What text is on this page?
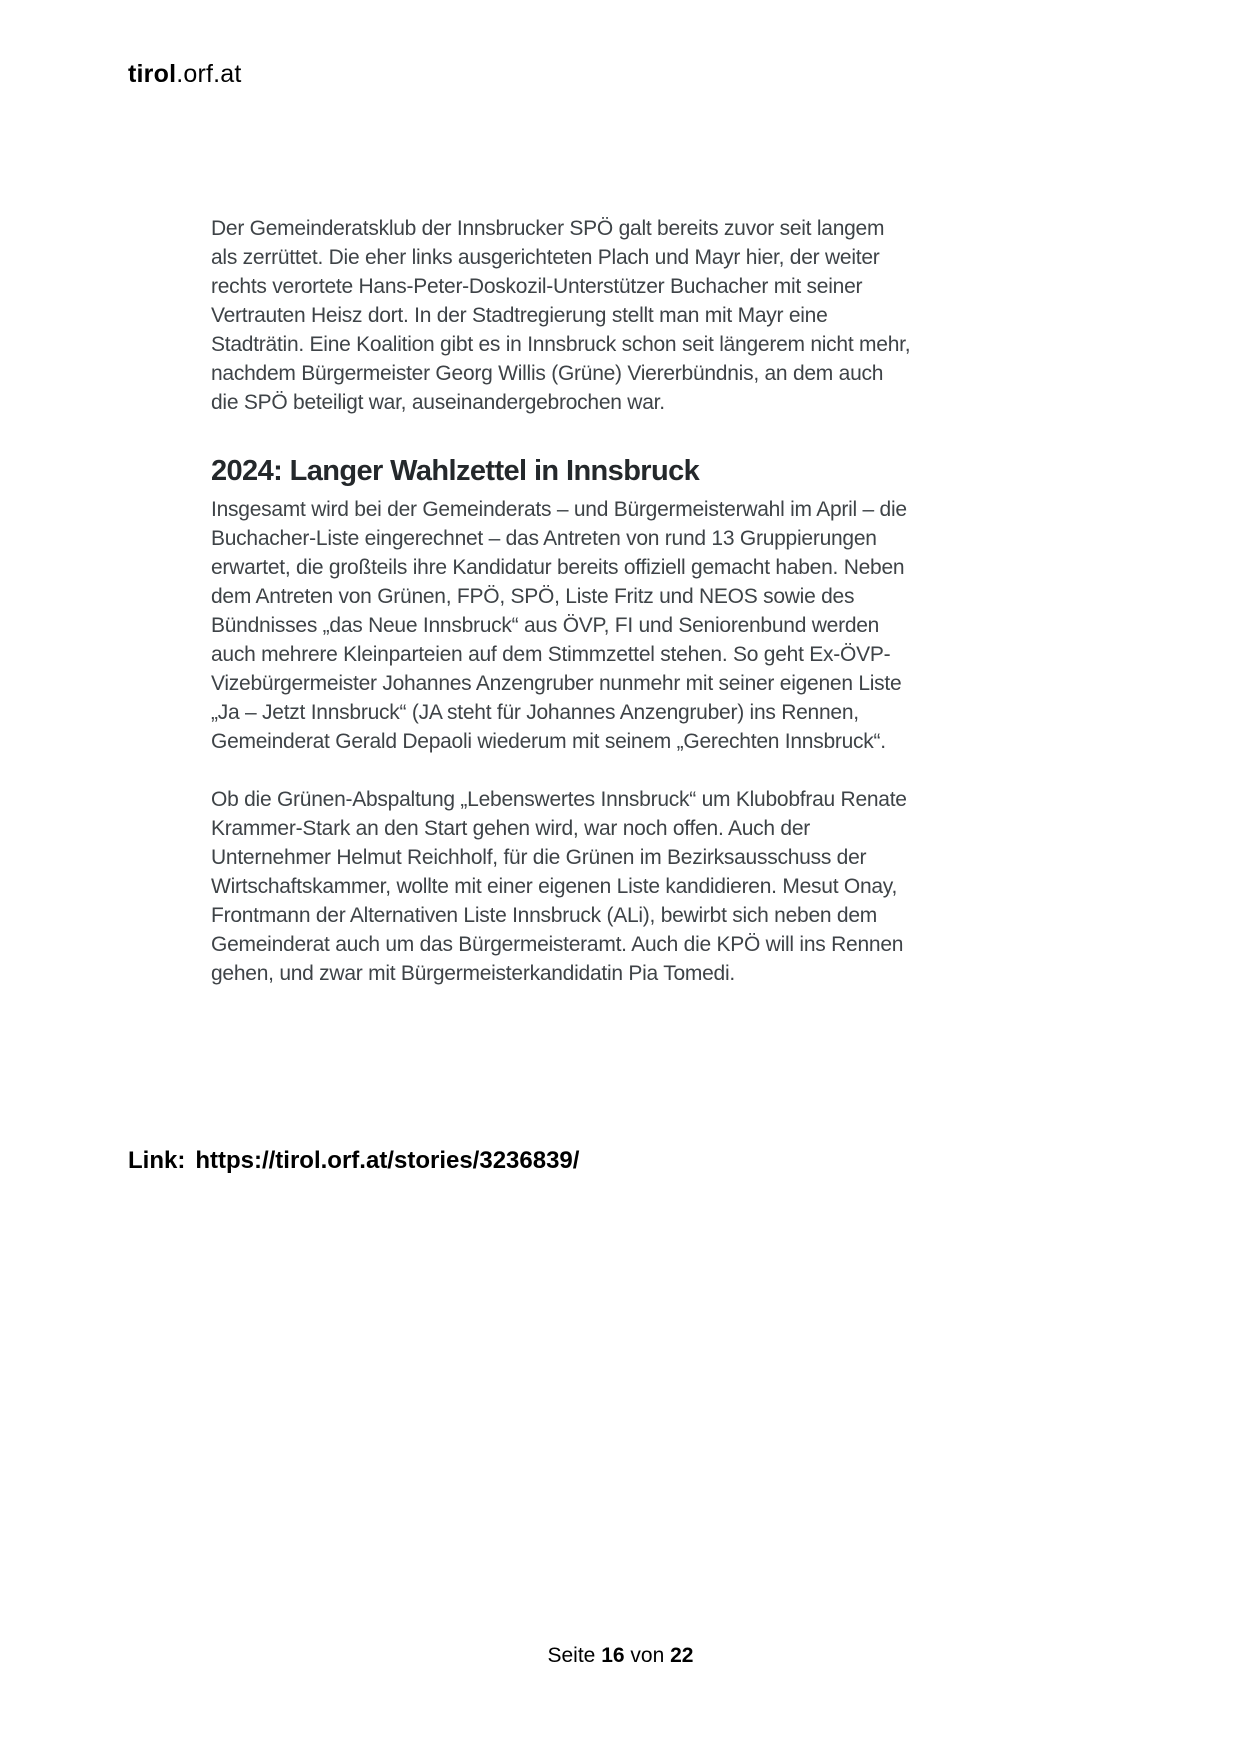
tirol.orf.at

Der Gemeinderatsklub der Innsbrucker SPÖ galt bereits zuvor seit langem als zerrüttet. Die eher links ausgerichteten Plach und Mayr hier, der weiter rechts verortete Hans-Peter-Doskozil-Unterstützer Buchacher mit seiner Vertrauten Heisz dort. In der Stadtregierung stellt man mit Mayr eine Stadträtin. Eine Koalition gibt es in Innsbruck schon seit längerem nicht mehr, nachdem Bürgermeister Georg Willis (Grüne) Viererbündnis, an dem auch die SPÖ beteiligt war, auseinandergebrochen war.

2024: Langer Wahlzettel in Innsbruck

Insgesamt wird bei der Gemeinderats – und Bürgermeisterwahl im April – die Buchacher-Liste eingerechnet – das Antreten von rund 13 Gruppierungen erwartet, die großteils ihre Kandidatur bereits offiziell gemacht haben. Neben dem Antreten von Grünen, FPÖ, SPÖ, Liste Fritz und NEOS sowie des Bündnisses „das Neue Innsbruck“ aus ÖVP, FI und Seniorenbund werden auch mehrere Kleinparteien auf dem Stimmzettel stehen. So geht Ex-ÖVP-Vizebürgermeister Johannes Anzengruber nunmehr mit seiner eigenen Liste „Ja – Jetzt Innsbruck“ (JA steht für Johannes Anzengruber) ins Rennen, Gemeinderat Gerald Depaoli wiederum mit seinem „Gerechten Innsbruck“.

Ob die Grünen-Abspaltung „Lebenswertes Innsbruck“ um Klubobfrau Renate Krammer-Stark an den Start gehen wird, war noch offen. Auch der Unternehmer Helmut Reichholf, für die Grünen im Bezirksausschuss der Wirtschaftskammer, wollte mit einer eigenen Liste kandidieren. Mesut Onay, Frontmann der Alternativen Liste Innsbruck (ALi), bewirbt sich neben dem Gemeinderat auch um das Bürgermeisteramt. Auch die KPÖ will ins Rennen gehen, und zwar mit Bürgermeisterkandidatin Pia Tomedi.

Link: https://tirol.orf.at/stories/3236839/
Seite 16 von 22
